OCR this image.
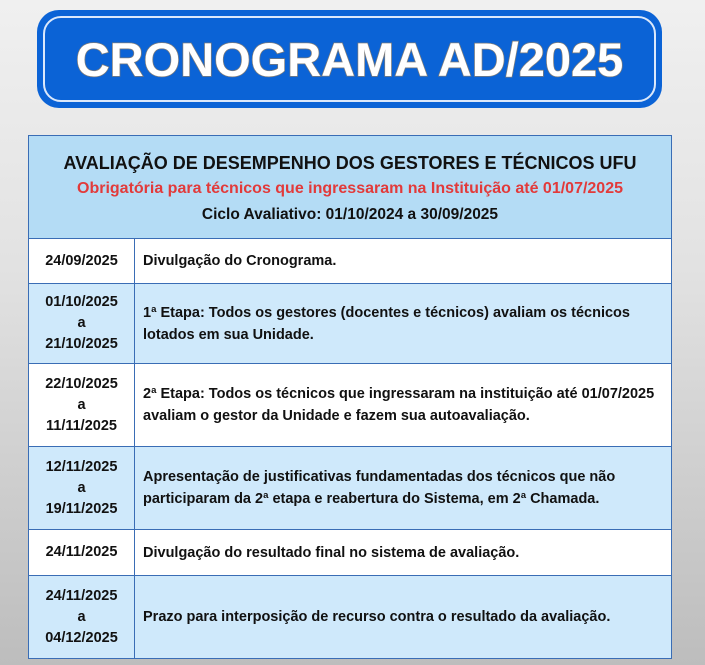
CRONOGRAMA AD/2025
AVALIAÇÃO DE DESEMPENHO DOS GESTORES E TÉCNICOS UFU
Obrigatória para técnicos que ingressaram na Instituição até 01/07/2025
Ciclo Avaliativo: 01/10/2024 a 30/09/2025
24/09/2025	Divulgação do Cronograma.
01/10/2025
a
21/10/2025
1ª Etapa: Todos os gestores (docentes e técnicos) avaliam os técnicos lotados em sua Unidade.
22/10/2025
a
11/11/2025
2ª Etapa: Todos os técnicos que ingressaram na instituição até 01/07/2025 avaliam o gestor da Unidade e fazem sua autoavaliação.
12/11/2025
a
19/11/2025
Apresentação de justificativas fundamentadas dos técnicos que não participaram da 2ª etapa e reabertura do Sistema, em 2ª Chamada.
24/11/2025	Divulgação do resultado final no sistema de avaliação.
24/11/2025
a
04/12/2025
Prazo para interposição de recurso contra o resultado da avaliação.
